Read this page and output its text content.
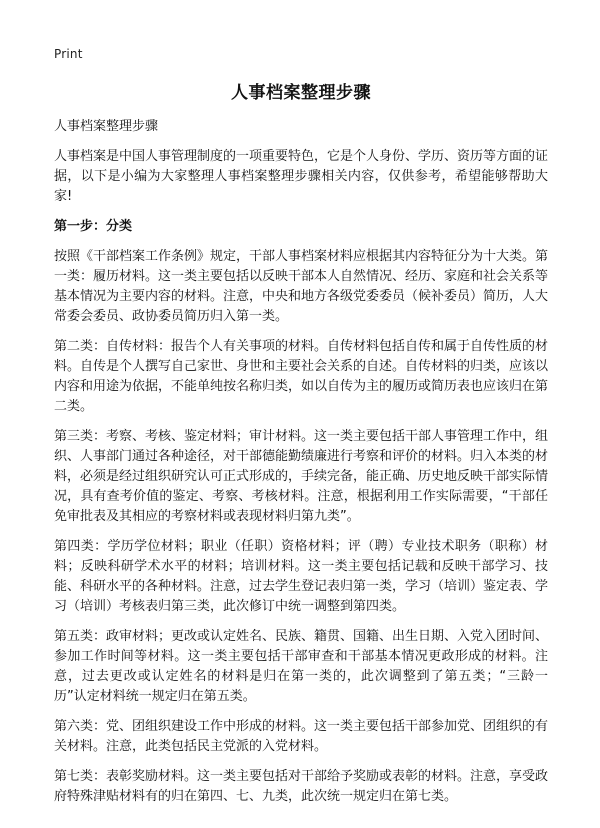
Print
人事档案整理步骤
人事档案整理步骤
人事档案是中国人事管理制度的一项重要特色，它是个人身份、学历、资历等方面的证据，以下是小编为大家整理人事档案整理步骤相关内容，仅供参考，希望能够帮助大家!
第一步：分类
按照《干部档案工作条例》规定，干部人事档案材料应根据其内容特征分为十大类。第一类：履历材料。这一类主要包括以反映干部本人自然情况、经历、家庭和社会关系等基本情况为主要内容的材料。注意，中央和地方各级党委委员（候补委员）简历，人大常委会委员、政协委员简历归入第一类。
第二类：自传材料：报告个人有关事项的材料。自传材料包括自传和属于自传性质的材料。自传是个人撰写自己家世、身世和主要社会关系的自述。自传材料的归类，应该以内容和用途为依据，不能单纯按名称归类，如以自传为主的履历或简历表也应该归在第二类。
第三类：考察、考核、鉴定材料；审计材料。这一类主要包括干部人事管理工作中，组织、人事部门通过各种途径，对干部德能勤绩廉进行考察和评价的材料。归入本类的材料，必须是经过组织研究认可正式形成的，手续完备，能正确、历史地反映干部实际情况，具有查考价值的鉴定、考察、考核材料。注意，根据利用工作实际需要，“干部任免审批表及其相应的考察材料或表现材料归第九类”。
第四类：学历学位材料；职业（任职）资格材料；评（聘）专业技术职务（职称）材料；反映科研学术水平的材料；培训材料。这一类主要包括记载和反映干部学习、技能、科研水平的各种材料。注意，过去学生登记表归第一类，学习（培训）鉴定表、学习（培训）考核表归第三类，此次修订中统一调整到第四类。
第五类：政审材料；更改或认定姓名、民族、籍贯、国籍、出生日期、入党入团时间、参加工作时间等材料。这一类主要包括干部审查和干部基本情况更政形成的材料。注意，过去更改或认定姓名的材料是归在第一类的，此次调整到了第五类；“三龄一历”认定材料统一规定归在第五类。
第六类：党、团组织建设工作中形成的材料。这一类主要包括干部参加党、团组织的有关材料。注意，此类包括民主党派的入党材料。
第七类：表彰奖励材料。这一类主要包括对干部给予奖励或表彰的材料。注意，享受政府特殊津贴材料有的归在第四、七、九类，此次统一规定归在第七类。
